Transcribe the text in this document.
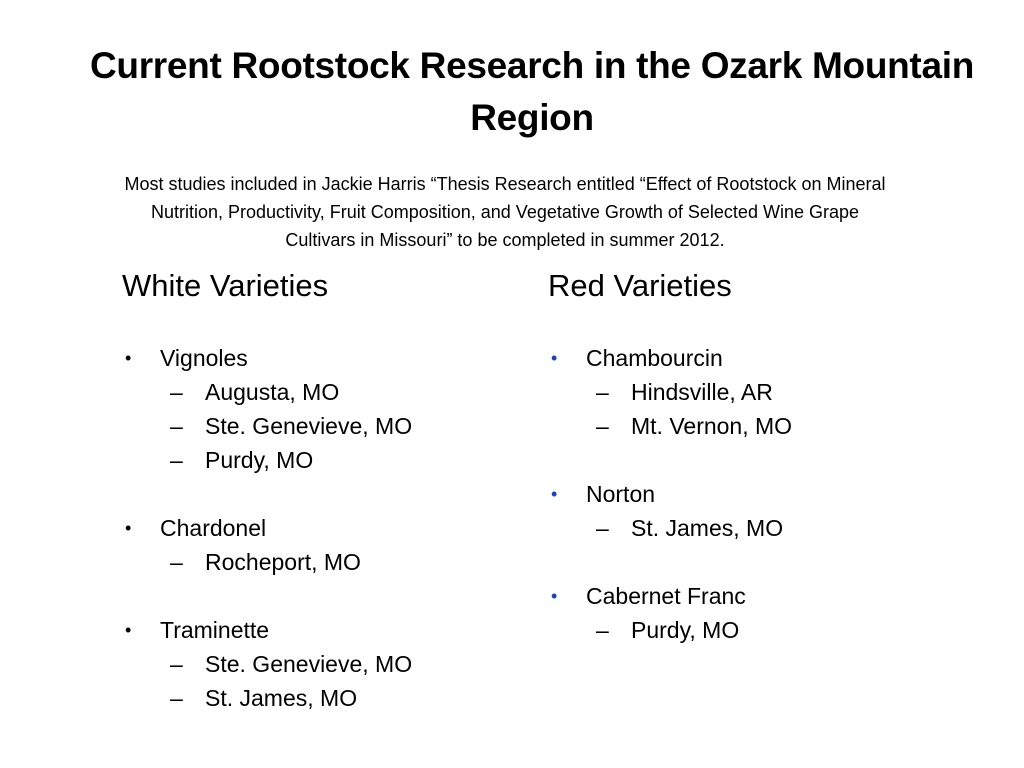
Current Rootstock Research in the Ozark Mountain
Region
Most studies included in Jackie Harris “Thesis Research entitled “Effect of Rootstock on Mineral
Nutrition, Productivity, Fruit Composition, and Vegetative Growth of Selected Wine Grape
Cultivars in Missouri” to be completed in summer 2012.
White Varieties
• Vignoles
– Augusta, MO
– Ste. Genevieve, MO
– Purdy, MO
• Chardonel
– Rocheport, MO
• Traminette
– Ste. Genevieve, MO
– St. James, MO
Red Varieties
• Chambourcin
– Hindsville, AR
– Mt. Vernon, MO
• Norton
– St. James, MO
• Cabernet Franc
– Purdy, MO
